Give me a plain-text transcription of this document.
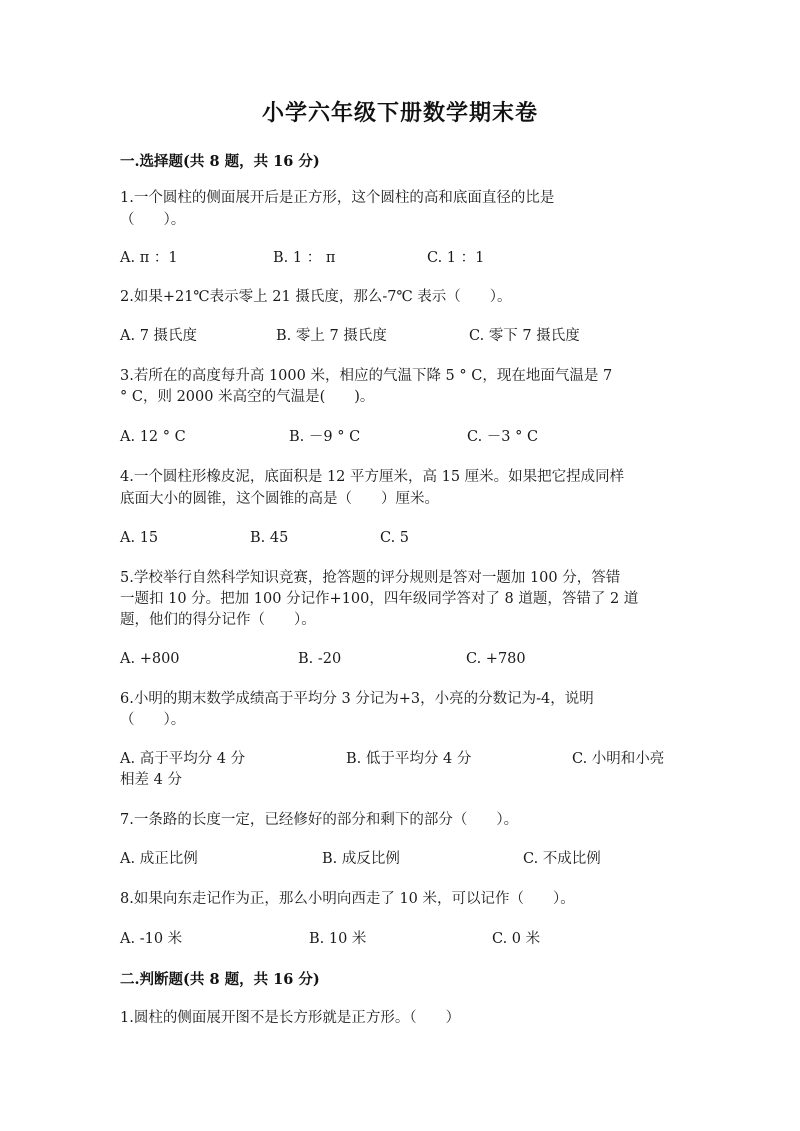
小学六年级下册数学期末卷
一.选择题(共 8 题，共 16 分)
1.一个圆柱的侧面展开后是正方形，这个圆柱的高和底面直径的比是
（　　）。
A. π ：1	B. 1 ： π	C. 1 ：1
2.如果+21℃表示零上 21 摄氏度，那么-7℃ 表示（　　）。
A. 7 摄氏度	B. 零上 7 摄氏度	C. 零下 7 摄氏度
3.若所在的高度每升高 1000 米，相应的气温下降 5 ° C，现在地面气温是 7
° C，则 2000 米高空的气温是(　　)。
A. 12 ° C	B. －9 ° C	C. －3 ° C
4.一个圆柱形橡皮泥，底面积是 12 平方厘米，高 15 厘米。如果把它捏成同样
底面大小的圆锥，这个圆锥的高是（　　）厘米。
A. 15	B. 45	C. 5
5.学校举行自然科学知识竞赛，抢答题的评分规则是答对一题加 100 分，答错
一题扣 10 分。把加 100 分记作+100，四年级同学答对了 8 道题，答错了 2 道
题，他们的得分记作（　　）。
A. +800	B. -20	C. +780
6.小明的期末数学成绩高于平均分 3 分记为+3，小亮的分数记为-4，说明
（　　）。
A. 高于平均分 4 分	B. 低于平均分 4 分	C. 小明和小亮
相差 4 分
7.一条路的长度一定，已经修好的部分和剩下的部分（　　）。
A. 成正比例	B. 成反比例	C. 不成比例
8.如果向东走记作为正，那么小明向西走了 10 米，可以记作（　　）。
A. -10 米	B. 10 米	C. 0 米
二.判断题(共 8 题，共 16 分)
1.圆柱的侧面展开图不是长方形就是正方形。（　　）
